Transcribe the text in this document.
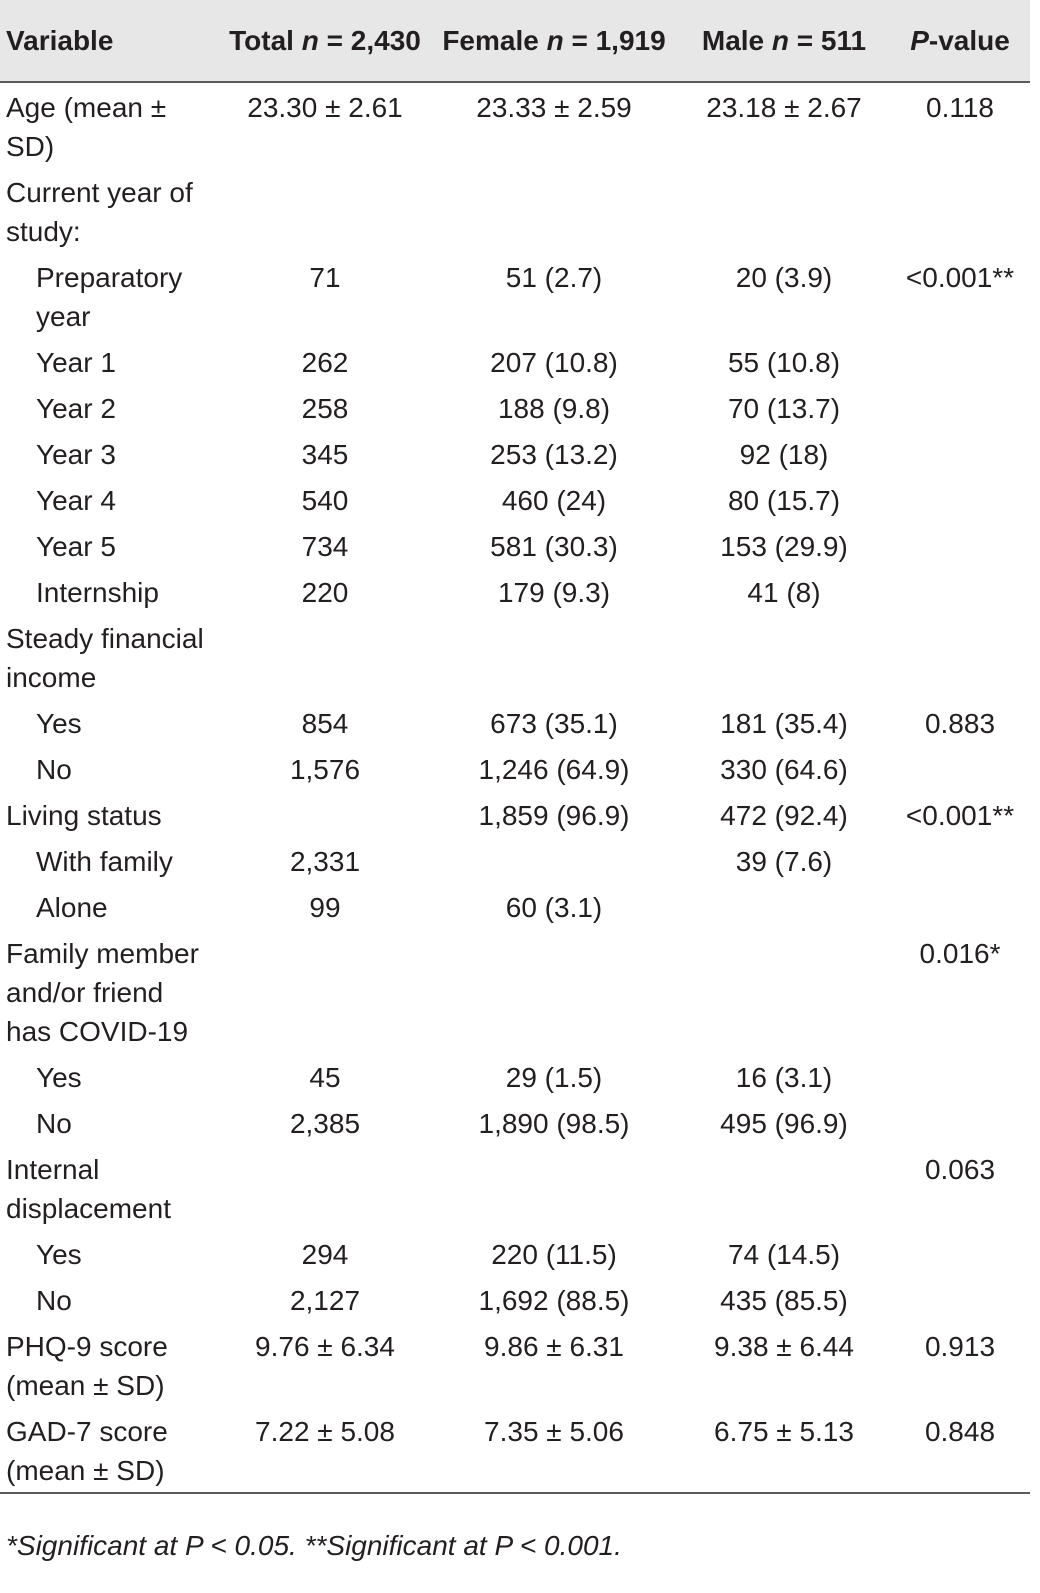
Variable	Total n = 2,430	Female n = 1,919	Male n = 511	P-value
Age (mean ± SD)	23.30 ± 2.61	23.33 ± 2.59	23.18 ± 2.67	0.118
Current year of study:				
Preparatory year	71	51 (2.7)	20 (3.9)	<0.001**
Year 1	262	207 (10.8)	55 (10.8)	
Year 2	258	188 (9.8)	70 (13.7)	
Year 3	345	253 (13.2)	92 (18)	
Year 4	540	460 (24)	80 (15.7)	
Year 5	734	581 (30.3)	153 (29.9)	
Internship	220	179 (9.3)	41 (8)	
Steady financial income				
Yes	854	673 (35.1)	181 (35.4)	0.883
No	1,576	1,246 (64.9)	330 (64.6)	
Living status		1,859 (96.9)	472 (92.4)	<0.001**
With family	2,331		39 (7.6)	
Alone	99	60 (3.1)		
Family member and/or friend has COVID-19				0.016*
Yes	45	29 (1.5)	16 (3.1)	
No	2,385	1,890 (98.5)	495 (96.9)	
Internal displacement				0.063
Yes	294	220 (11.5)	74 (14.5)	
No	2,127	1,692 (88.5)	435 (85.5)	
PHQ-9 score (mean ± SD)	9.76 ± 6.34	9.86 ± 6.31	9.38 ± 6.44	0.913
GAD-7 score (mean ± SD)	7.22 ± 5.08	7.35 ± 5.06	6.75 ± 5.13	0.848
*Significant at P < 0.05. **Significant at P < 0.001.
